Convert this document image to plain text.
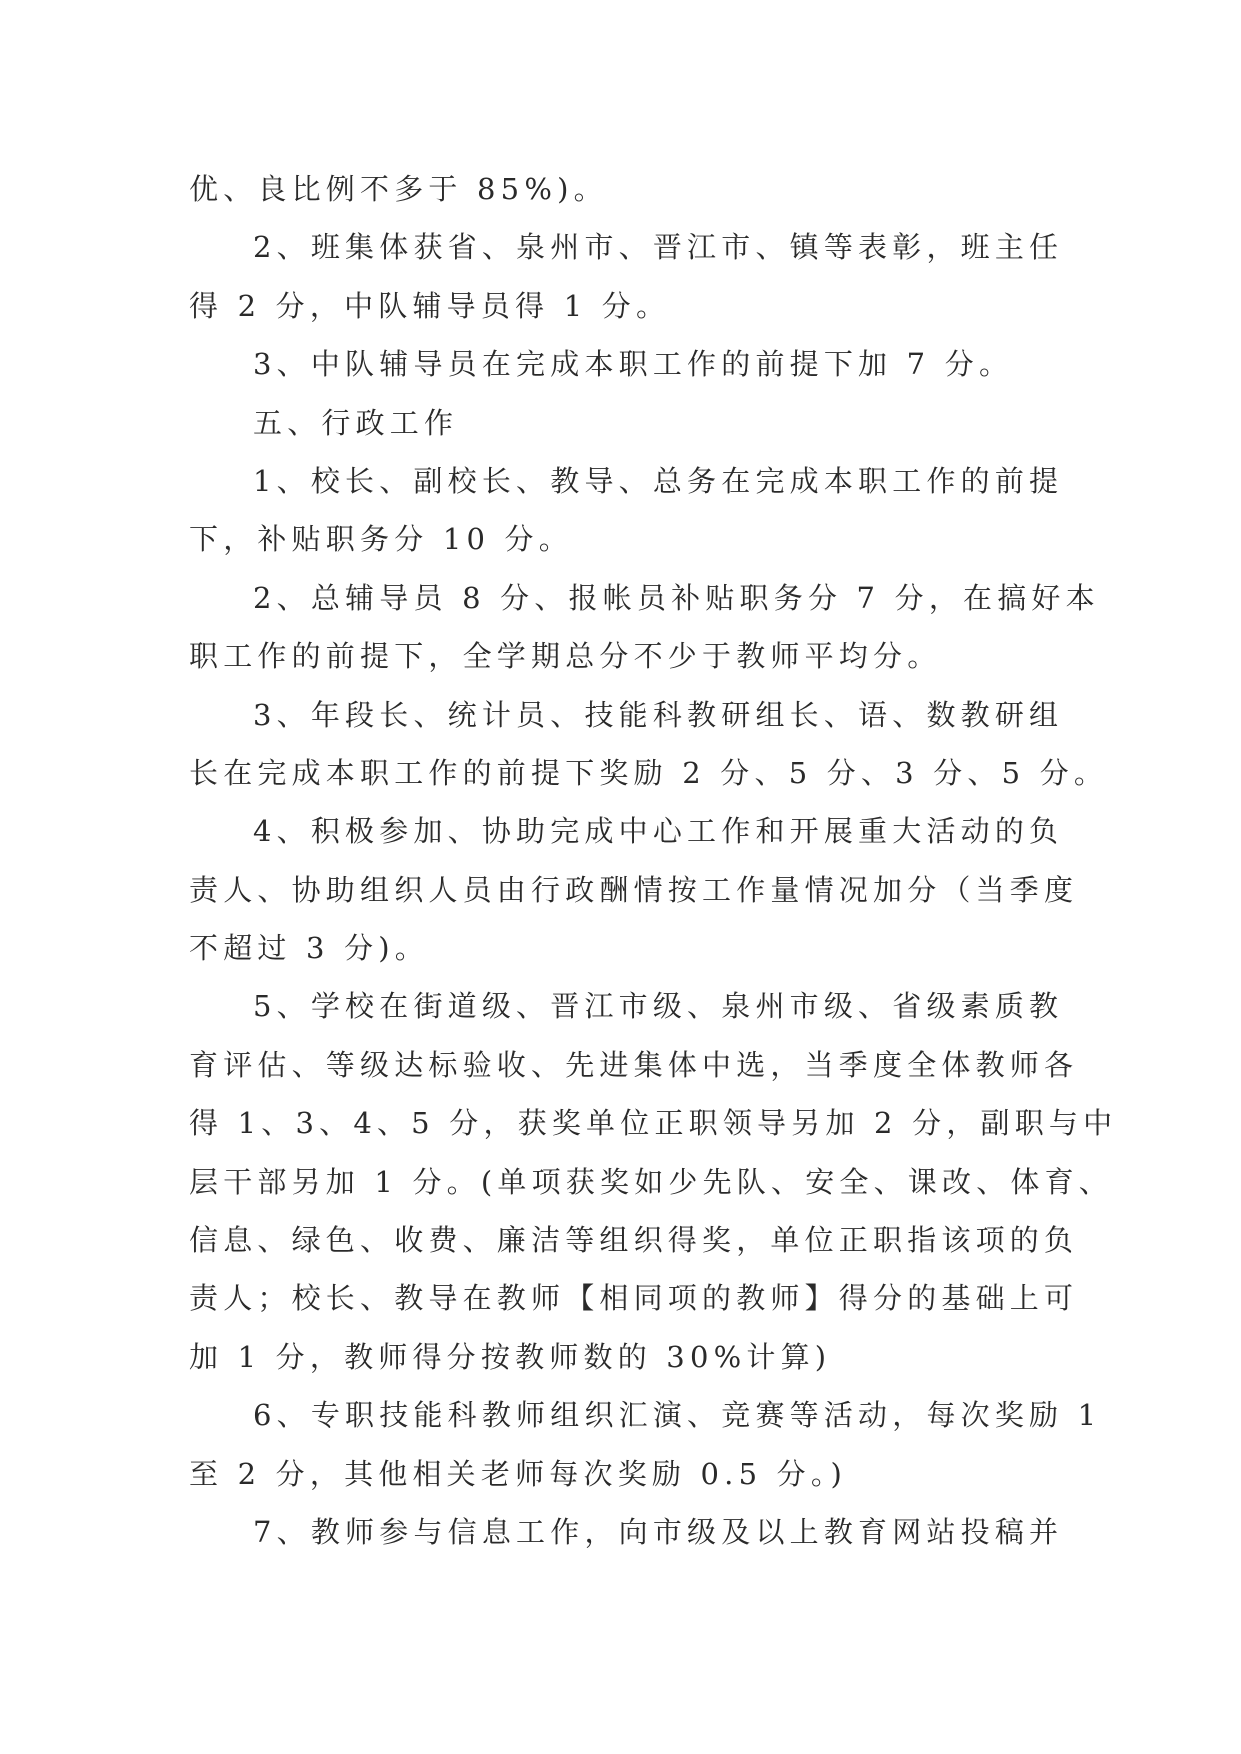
优、良比例不多于 85%)。
2、班集体获省、泉州市、晋江市、镇等表彰，班主任
得 2 分，中队辅导员得 1 分。
3、中队辅导员在完成本职工作的前提下加 7 分。
五、行政工作
1、校长、副校长、教导、总务在完成本职工作的前提
下，补贴职务分 10 分。
2、总辅导员 8 分、报帐员补贴职务分 7 分，在搞好本
职工作的前提下，全学期总分不少于教师平均分。
3、年段长、统计员、技能科教研组长、语、数教研组
长在完成本职工作的前提下奖励 2 分、5 分、3 分、5 分。
4、积极参加、协助完成中心工作和开展重大活动的负
责人、协助组织人员由行政酬情按工作量情况加分（当季度
不超过 3 分)。
5、学校在街道级、晋江市级、泉州市级、省级素质教
育评估、等级达标验收、先进集体中选，当季度全体教师各
得 1、3、4、5 分，获奖单位正职领导另加 2 分，副职与中
层干部另加 1 分。(单项获奖如少先队、安全、课改、体育、
信息、绿色、收费、廉洁等组织得奖，单位正职指该项的负
责人；校长、教导在教师【相同项的教师】得分的基础上可
加 1 分，教师得分按教师数的 30%计算)
6、专职技能科教师组织汇演、竞赛等活动，每次奖励 1
至 2 分，其他相关老师每次奖励 0.5 分。)
7、教师参与信息工作，向市级及以上教育网站投稿并
